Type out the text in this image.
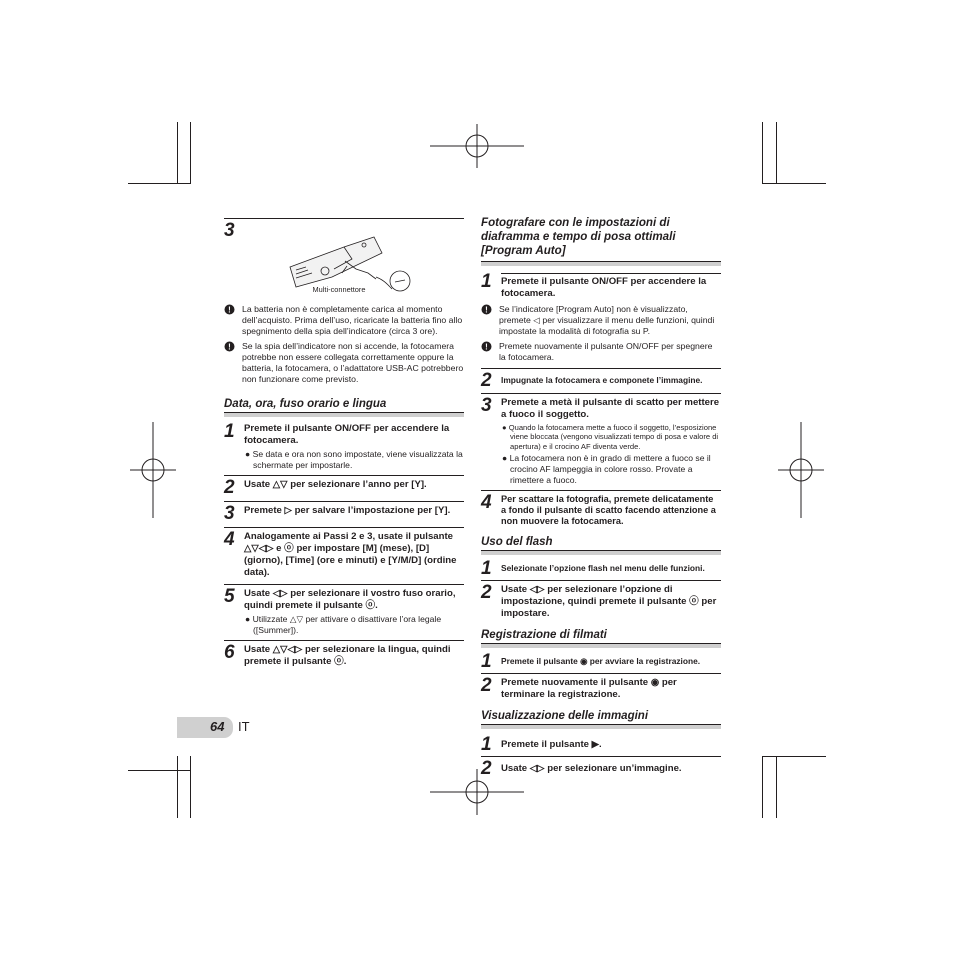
3
Multi-connettore
! La batteria non è completamente carica al momento dell’acquisto. Prima dell’uso, ricaricate la batteria fino allo spegnimento della spia dell’indicatore (circa 3 ore).
! Se la spia dell’indicatore non si accende, la fotocamera potrebbe non essere collegata correttamente oppure la batteria, la fotocamera, o l’adattatore USB-AC potrebbero non funzionare come previsto.
Data, ora, fuso orario e lingua
1	Premete il pulsante ON/OFF per accendere la fotocamera.
● Se data e ora non sono impostate, viene visualizzata la schermate per impostarle.
2	Usate △▽ per selezionare l’anno per [Y].
3	Premete ▷ per salvare l’impostazione per [Y].
4	Analogamente ai Passi 2 e 3, usate il pulsante △▽◁▷ e ⓞ per impostare [M] (mese), [D] (giorno), [Time] (ore e minuti) e [Y/M/D] (ordine data).
5	Usate ◁▷ per selezionare il vostro fuso orario, quindi premete il pulsante ⓞ.
● Utilizzate △▽ per attivare o disattivare l’ora legale ([Summer]).
6	Usate △▽◁▷ per selezionare la lingua, quindi premete il pulsante ⓞ.
Fotografare con le impostazioni di diaframma e tempo di posa ottimali [Program Auto]
1	Premete il pulsante ON/OFF per accendere la fotocamera.
! Se l’indicatore [Program Auto] non è visualizzato, premete ◁ per visualizzare il menu delle funzioni, quindi impostate la modalità di fotografia su P.
! Premete nuovamente il pulsante ON/OFF per spegnere la fotocamera.
2	Impugnate la fotocamera e componete l’immagine.
3	Premete a metà il pulsante di scatto per mettere a fuoco il soggetto.
● Quando la fotocamera mette a fuoco il soggetto, l’esposizione viene bloccata (vengono visualizzati tempo di posa e valore di apertura) e il crocino AF diventa verde.
● La fotocamera non è in grado di mettere a fuoco se il crocino AF lampeggia in colore rosso. Provate a rimettere a fuoco.
4	Per scattare la fotografia, premete delicatamente a fondo il pulsante di scatto facendo attenzione a non muovere la fotocamera.
Uso del flash
1	Selezionate l’opzione flash nel menu delle funzioni.
2	Usate ◁▷ per selezionare l’opzione di impostazione, quindi premete il pulsante ⓞ per impostare.
Registrazione di filmati
1	Premete il pulsante ◉ per avviare la registrazione.
2	Premete nuovamente il pulsante ◉ per terminare la registrazione.
Visualizzazione delle immagini
1	Premete il pulsante ▶.
2	Usate ◁▷ per selezionare un’immagine.
64 IT
